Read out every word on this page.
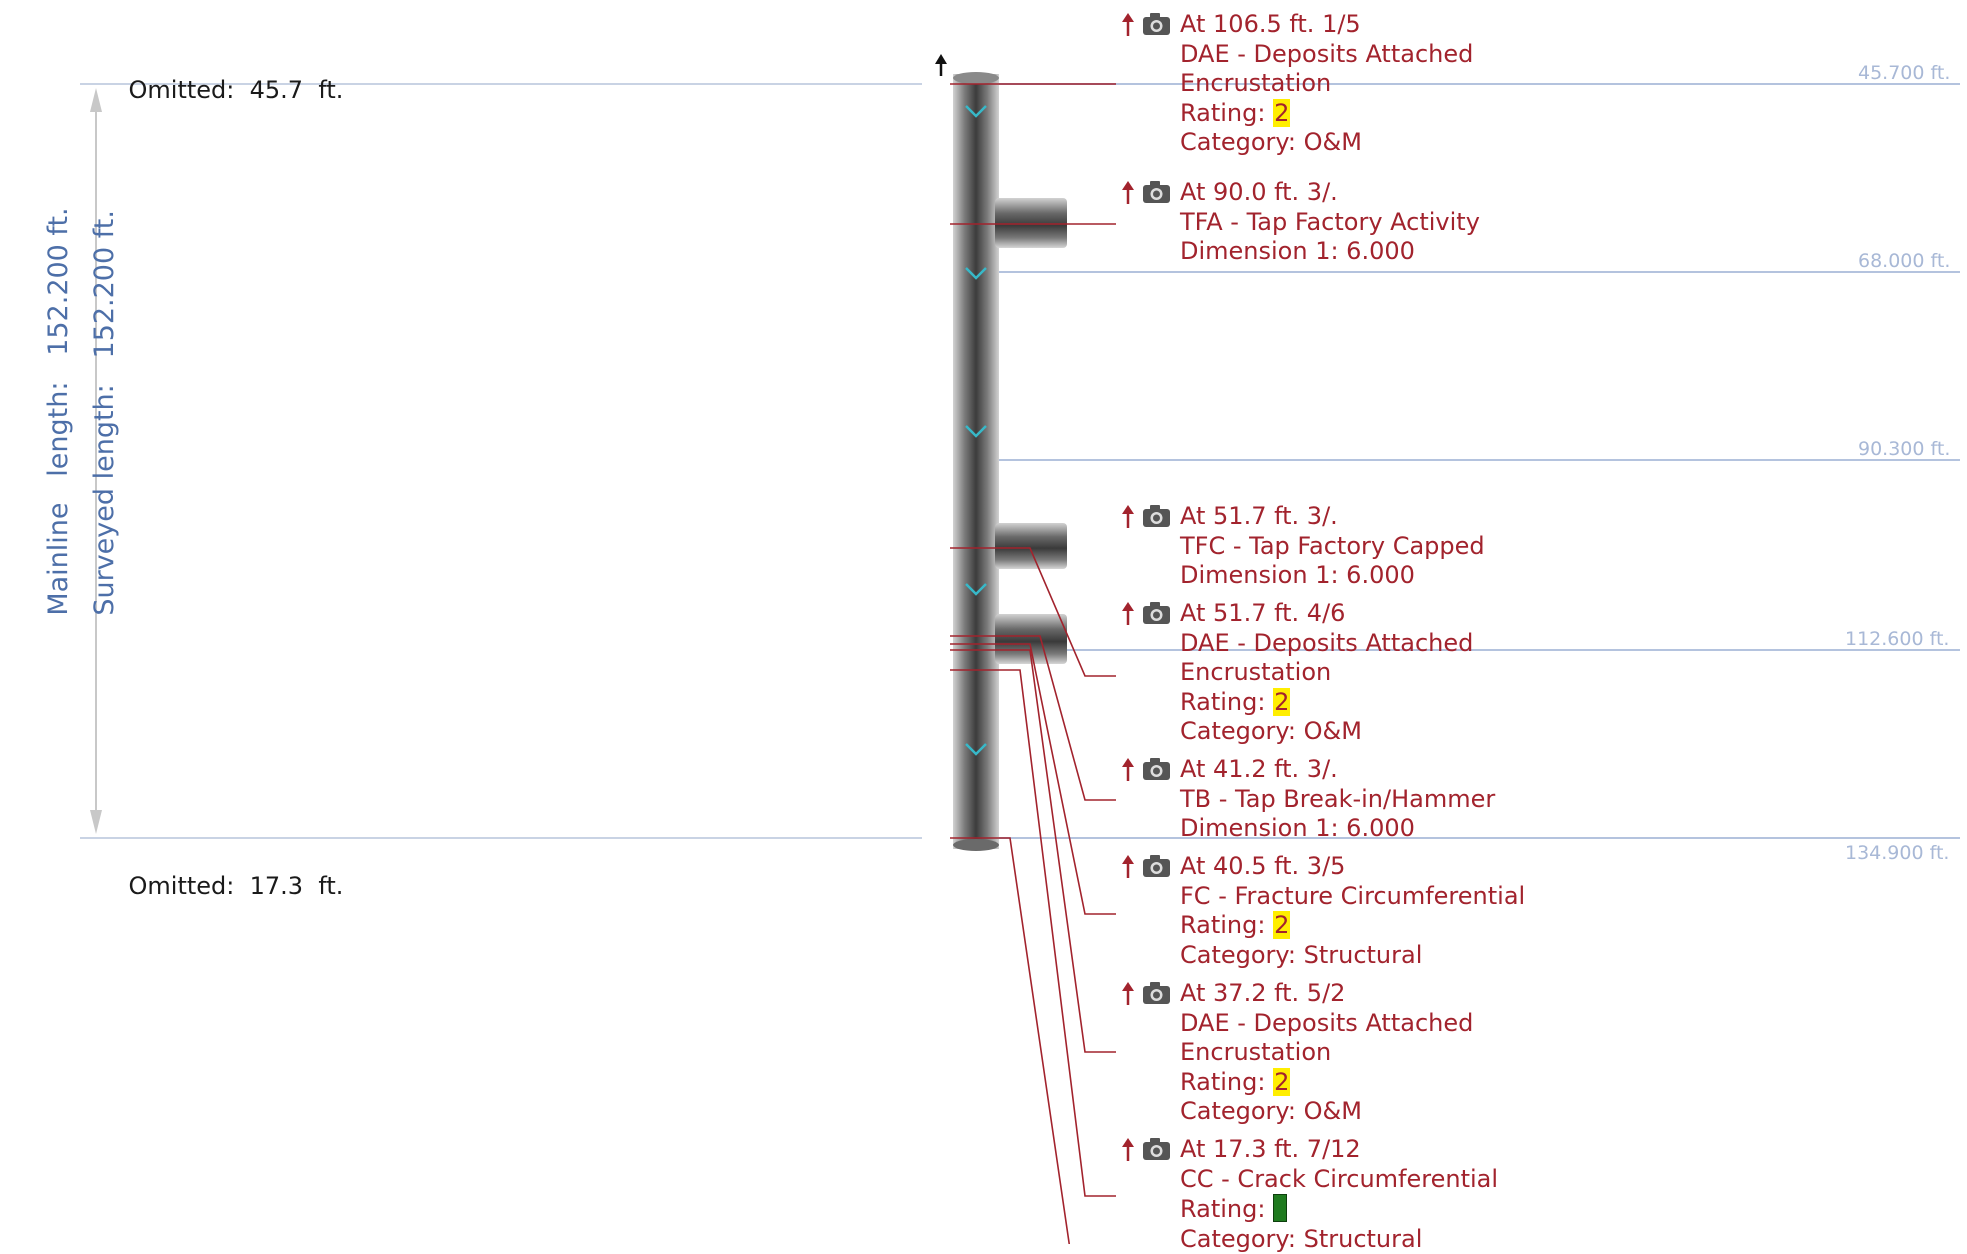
Omitted: 45.7 ft.

Omitted: 17.3 ft.

Mainline   length:   152.200 ft.

Surveyed length:   152.200 ft.

45.700 ft.
68.000 ft.
90.300 ft.
112.600 ft.
134.900 ft.
At 106.5 ft. 1/5
DAE - Deposits Attached
Encrustation
Rating: 2
Category: O&M
At 90.0 ft. 3/.
TFA - Tap Factory Activity
Dimension 1: 6.000
At 51.7 ft. 3/.
TFC - Tap Factory Capped
Dimension 1: 6.000
At 51.7 ft. 4/6
DAE - Deposits Attached
Encrustation
Rating: 2
Category: O&M
At 41.2 ft. 3/.
TB - Tap Break-in/Hammer
Dimension 1: 6.000
At 40.5 ft. 3/5
FC - Fracture Circumferential
Rating: 2
Category: Structural
At 37.2 ft. 5/2
DAE - Deposits Attached
Encrustation
Rating: 2
Category: O&M
At 17.3 ft. 7/12
CC - Crack Circumferential
Rating:
Category: Structural
